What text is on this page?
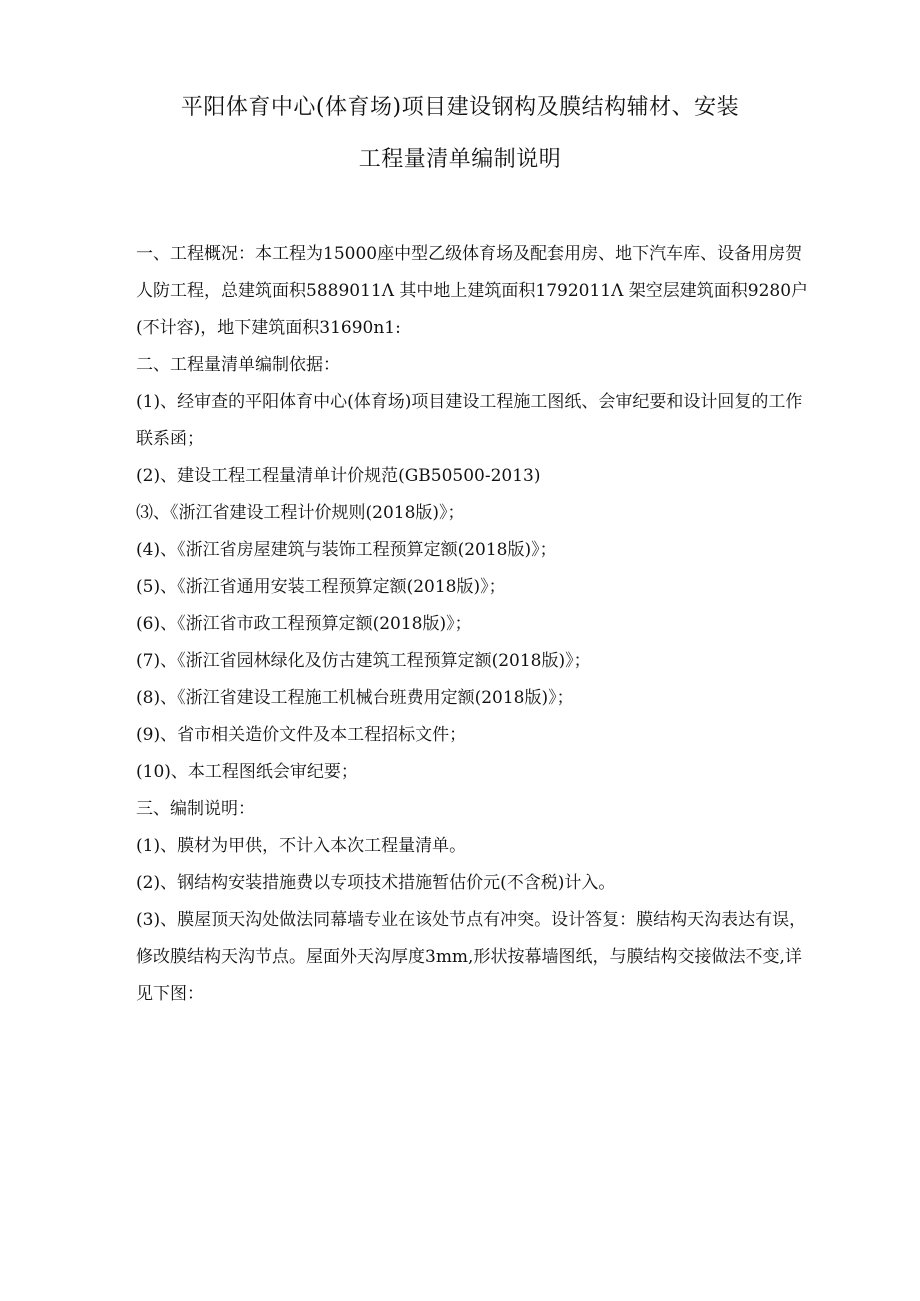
平阳体育中心(体育场)项目建设钢构及膜结构辅材、安装
工程量清单编制说明

一、工程概况：本工程为15000座中型乙级体育场及配套用房、地下汽车库、设备用房贺人防工程，总建筑面积5889011Λ 其中地上建筑面积1792011Λ 架空层建筑面积9280户(不计容)，地下建筑面积31690n1:

二、工程量清单编制依据：

(1)、经审查的平阳体育中心(体育场)项目建设工程施工图纸、会审纪要和设计回复的工作联系函；

(2)、建设工程工程量清单计价规范(GB50500-2013)

⑶、《浙江省建设工程计价规则(2018版)》；

(4)、《浙江省房屋建筑与装饰工程预算定额(2018版)》；

(5)、《浙江省通用安装工程预算定额(2018版)》；

(6)、《浙江省市政工程预算定额(2018版)》；

(7)、《浙江省园林绿化及仿古建筑工程预算定额(2018版)》；

(8)、《浙江省建设工程施工机械台班费用定额(2018版)》；

(9)、省市相关造价文件及本工程招标文件；

(10)、本工程图纸会审纪要；

三、编制说明：

(1)、膜材为甲供，不计入本次工程量清单。

(2)、钢结构安装措施费以专项技术措施暂估价元(不含税)计入。

(3)、膜屋顶天沟处做法同幕墙专业在该处节点有冲突。设计答复：膜结构天沟表达有误，修改膜结构天沟节点。屋面外天沟厚度3mm,形状按幕墙图纸，与膜结构交接做法不变,详见下图：
